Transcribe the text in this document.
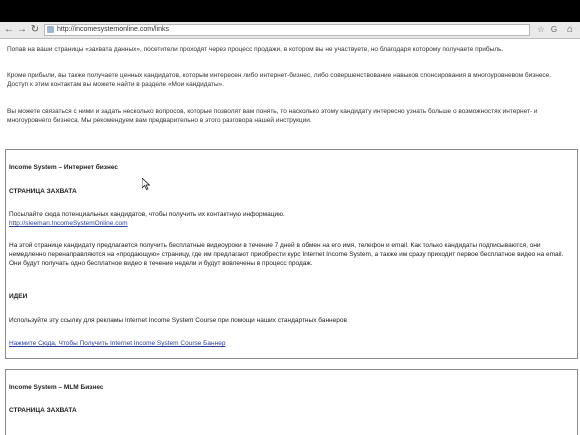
← → ↻	http://incomesystemonline.com/links	☆ G ⌂

Попав на ваши страницы «захвата данных», посетители проходят через процесс продажи, в котором вы не участвуете, но благодаря которому получаете прибыль.

Кроме прибыли, вы также получаете ценных кандидатов, которым интересен либо интернет-бизнес, либо совершенствование навыков спонсирования в многоуровневом бизнесе. Доступ к этим контактам вы можете найти в разделе «Мои кандидаты».

Вы можете связаться с ними и задать несколько вопросов, которые позволят вам понять, то насколько этому кандидату интересно узнать больше о возможностях интернет- и многоуровнего бизнеса. Мы рекомендуем вам предварительно в этого разговора нашей инструкции.

Income System – Интернет бизнес
СТРАНИЦА ЗАХВАТА
Посылайте сюда потенциальных кандидатов, чтобы получить их контактную информацию.
http://sleeman.IncomeSystemOnline.com
На этой странице кандидату предлагается получить бесплатные видеоуроки в течение 7 дней в обмен на его имя, телефон и email. Как только кандидаты подписываются, они немедленно перенаправляются на «продающую» страницу, где им предлагают приобрести курс Internet Income System, а также им сразу приходит первое бесплатное видео на email. Они будут получать одно бесплатное видео в течение недели и будут вовлечены в процесс продаж.
ИДЕИ
Используйте эту ссылку для рекламы Internet Income System Course при помощи наших стандартных баннеров
Нажмите Сюда, Чтобы Получить Internet Income System Course Баннер
Income System – MLM Бизнес
СТРАНИЦА ЗАХВАТА
